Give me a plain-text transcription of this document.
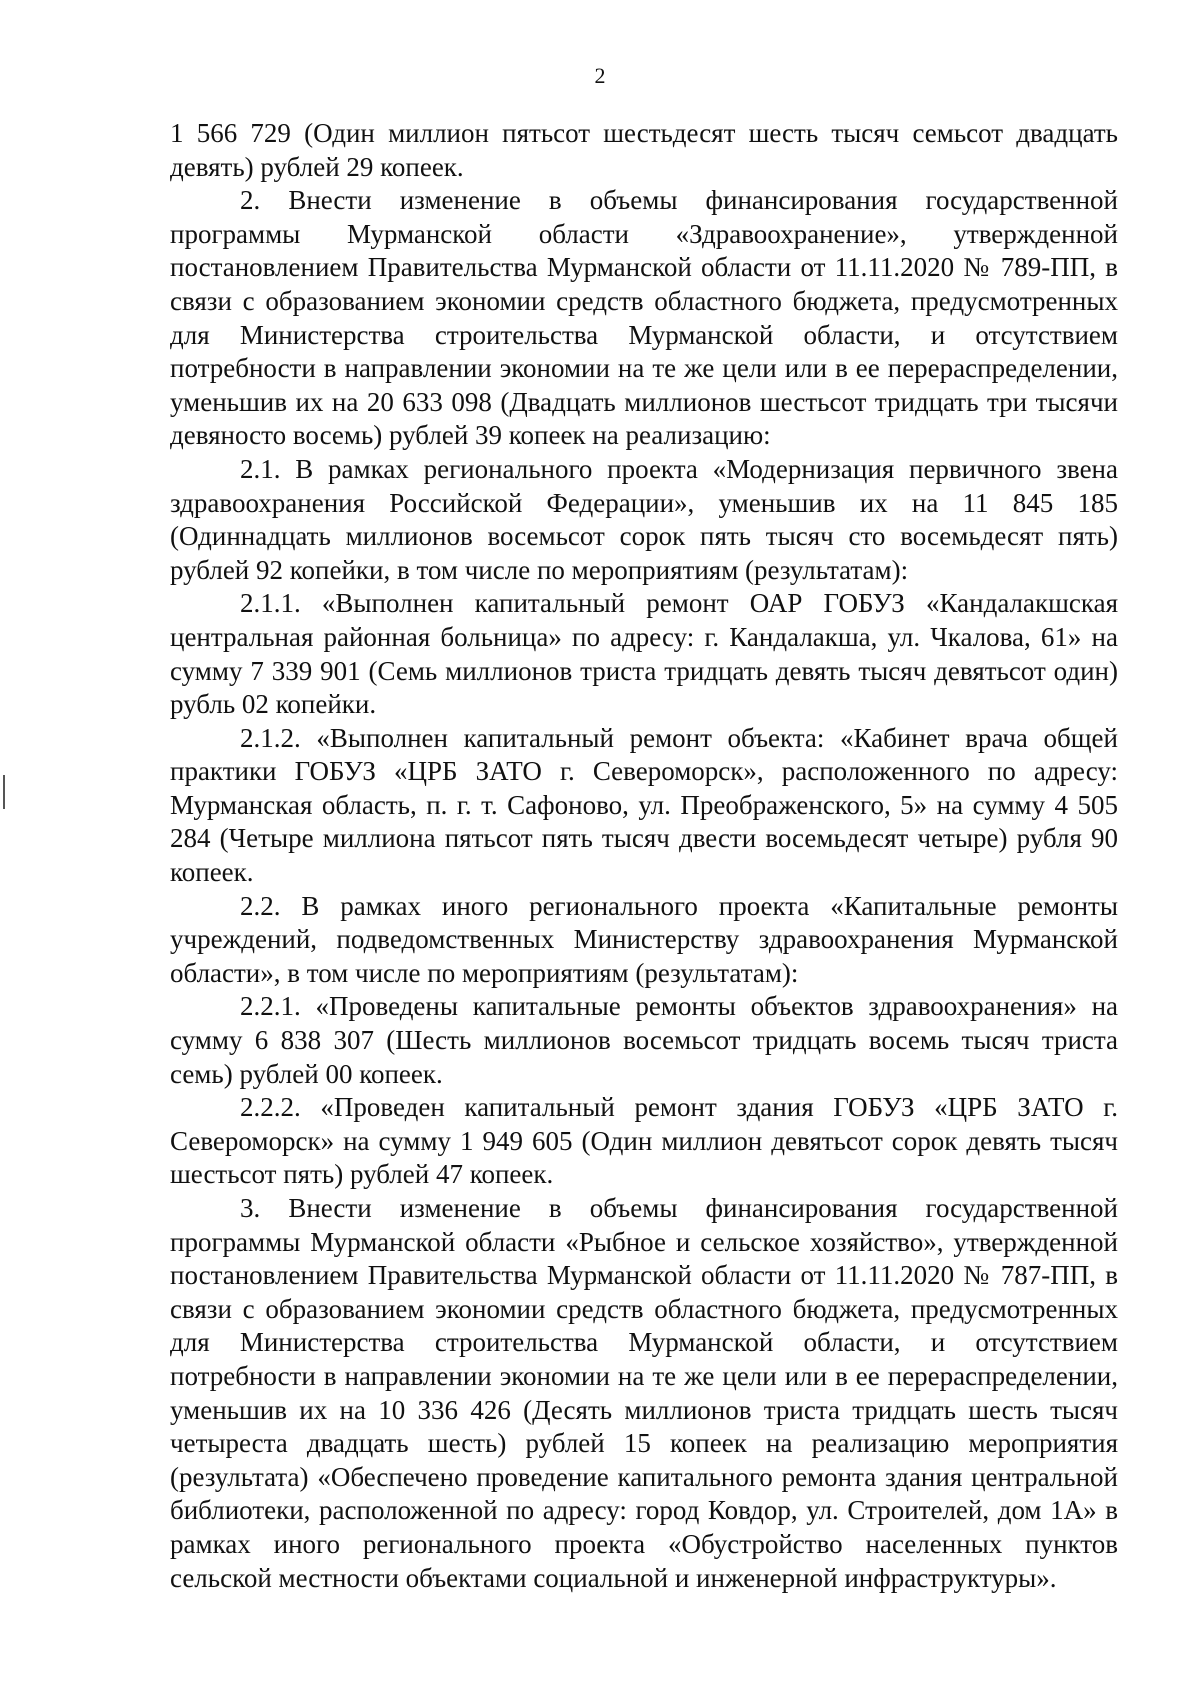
2

1 566 729 (Один миллион пятьсот шестьдесят шесть тысяч семьсот двадцать девять) рублей 29 копеек.

2. Внести изменение в объемы финансирования государственной программы Мурманской области «Здравоохранение», утвержденной постановлением Правительства Мурманской области от 11.11.2020 № 789-ПП, в связи с образованием экономии средств областного бюджета, предусмотренных для Министерства строительства Мурманской области, и отсутствием потребности в направлении экономии на те же цели или в ее перераспределении, уменьшив их на 20 633 098 (Двадцать миллионов шестьсот тридцать три тысячи девяносто восемь) рублей 39 копеек на реализацию:

2.1. В рамках регионального проекта «Модернизация первичного звена здравоохранения Российской Федерации», уменьшив их на 11 845 185 (Одиннадцать миллионов восемьсот сорок пять тысяч сто восемьдесят пять) рублей 92 копейки, в том числе по мероприятиям (результатам):

2.1.1. «Выполнен капитальный ремонт ОАР ГОБУЗ «Кандалакшская центральная районная больница» по адресу: г. Кандалакша, ул. Чкалова, 61» на сумму 7 339 901 (Семь миллионов триста тридцать девять тысяч девятьсот один) рубль 02 копейки.

2.1.2. «Выполнен капитальный ремонт объекта: «Кабинет врача общей практики ГОБУЗ «ЦРБ ЗАТО г. Североморск», расположенного по адресу: Мурманская область, п. г. т. Сафоново, ул. Преображенского, 5» на сумму 4 505 284 (Четыре миллиона пятьсот пять тысяч двести восемьдесят четыре) рубля 90 копеек.

2.2. В рамках иного регионального проекта «Капитальные ремонты учреждений, подведомственных Министерству здравоохранения Мурманской области», в том числе по мероприятиям (результатам):

2.2.1. «Проведены капитальные ремонты объектов здравоохранения» на сумму 6 838 307 (Шесть миллионов восемьсот тридцать восемь тысяч триста семь) рублей 00 копеек.

2.2.2. «Проведен капитальный ремонт здания ГОБУЗ «ЦРБ ЗАТО г. Североморск» на сумму 1 949 605 (Один миллион девятьсот сорок девять тысяч шестьсот пять) рублей 47 копеек.

3. Внести изменение в объемы финансирования государственной программы Мурманской области «Рыбное и сельское хозяйство», утвержденной постановлением Правительства Мурманской области от 11.11.2020 № 787-ПП, в связи с образованием экономии средств областного бюджета, предусмотренных для Министерства строительства Мурманской области, и отсутствием потребности в направлении экономии на те же цели или в ее перераспределении, уменьшив их на 10 336 426 (Десять миллионов триста тридцать шесть тысяч четыреста двадцать шесть) рублей 15 копеек на реализацию мероприятия (результата) «Обеспечено проведение капитального ремонта здания центральной библиотеки, расположенной по адресу: город Ковдор, ул. Строителей, дом 1А» в рамках иного регионального проекта «Обустройство населенных пунктов сельской местности объектами социальной и инженерной инфраструктуры».
